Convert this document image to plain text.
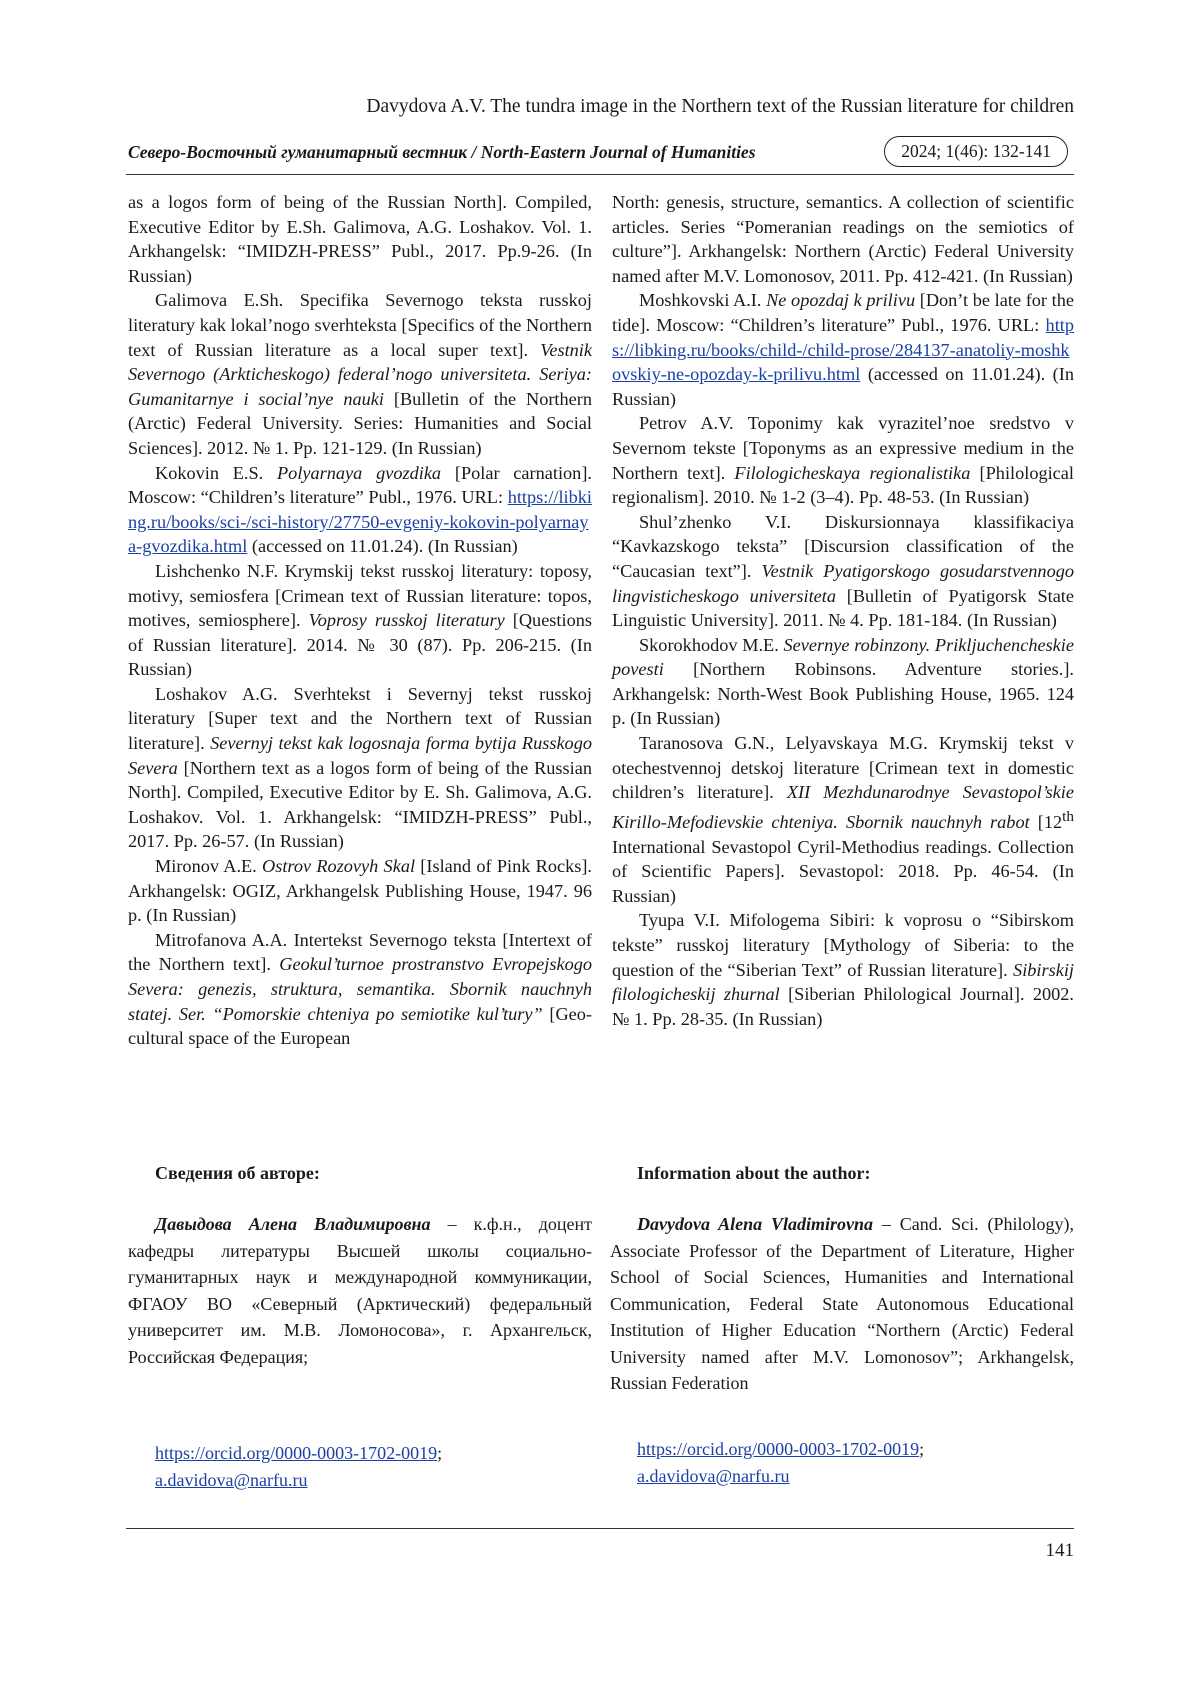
Davydova A.V. The tundra image in the Northern text of the Russian literature for children
Северо-Восточный гуманитарный вестник / North-Eastern Journal of Humanities	2024; 1(46): 132-141

as a logos form of being of the Russian North]. Compiled, Executive Editor by E.Sh. Galimova, A.G. Loshakov. Vol. 1. Arkhangelsk: “IMIDZH-PRESS” Publ., 2017. Pp.9-26. (In Russian)

Galimova E.Sh. Specifika Severnogo teksta russkoj literatury kak lokal’nogo sverhteksta [Specifics of the Northern text of Russian literature as a local super text]. Vestnik Severnogo (Arkticheskogo) federal’nogo universiteta. Seriya: Gumanitarnye i social’nye nauki [Bulletin of the Northern (Arctic) Federal University. Series: Humanities and Social Sciences]. 2012. № 1. Pp. 121-129. (In Russian)

Kokovin E.S. Polyarnaya gvozdika [Polar carnation]. Moscow: “Children’s literature” Publ., 1976. URL: https://libking.ru/books/sci-/sci-history/27750-evgeniy-kokovin-polyarnaya-gvozdika.html (accessed on 11.01.24). (In Russian)

Lishchenko N.F. Krymskij tekst russkoj literatury: toposy, motivy, semiosfera [Crimean text of Russian literature: topos, motives, semiosphere]. Voprosy russkoj literatury [Questions of Russian literature]. 2014. № 30 (87). Pp. 206-215. (In Russian)

Loshakov A.G. Sverhtekst i Severnyj tekst russkoj literatury [Super text and the Northern text of Russian literature]. Severnyj tekst kak logosnaja forma bytija Russkogo Severa [Northern text as a logos form of being of the Russian North]. Compiled, Executive Editor by E. Sh. Galimova, A.G. Loshakov. Vol. 1. Arkhangelsk: “IMIDZH-PRESS” Publ., 2017. Pp. 26-57. (In Russian)

Mironov A.E. Ostrov Rozovyh Skal [Island of Pink Rocks]. Arkhangelsk: OGIZ, Arkhangelsk Publishing House, 1947. 96 p. (In Russian)

Mitrofanova A.A. Intertekst Severnogo teksta [Intertext of the Northern text]. Geokul’turnoe prostranstvo Evropejskogo Severa: genezis, struktura, semantika. Sbornik nauchnyh statej. Ser. “Pomorskie chteniya po semiotike kul’tury” [Geo-cultural space of the European

North: genesis, structure, semantics. A collection of scientific articles. Series “Pomeranian readings on the semiotics of culture”]. Arkhangelsk: Northern (Arctic) Federal University named after M.V. Lomonosov, 2011. Pp. 412-421. (In Russian)

Moshkovski A.I. Ne opozdaj k prilivu [Don’t be late for the tide]. Moscow: “Children’s literature” Publ., 1976. URL: https://libking.ru/books/child-/child-prose/284137-anatoliy-moshkovskiy-ne-opozday-k-prilivu.html (accessed on 11.01.24). (In Russian)

Petrov A.V. Toponimy kak vyrazitel’noe sredstvo v Severnom tekste [Toponyms as an expressive medium in the Northern text]. Filologicheskaya regionalistika [Philological regionalism]. 2010. № 1-2 (3–4). Pp. 48-53. (In Russian)

Shul’zhenko V.I. Diskursionnaya klassifikaciya “Kavkazskogo teksta” [Discursion classification of the “Caucasian text”]. Vestnik Pyatigorskogo gosudarstvennogo lingvisticheskogo universiteta [Bulletin of Pyatigorsk State Linguistic University]. 2011. № 4. Pp. 181-184. (In Russian)

Skorokhodov M.E. Severnye robinzony. Prikljuchencheskie povesti [Northern Robinsons. Adventure stories.]. Arkhangelsk: North-West Book Publishing House, 1965. 124 p. (In Russian)

Taranosova G.N., Lelyavskaya M.G. Krymskij tekst v otechestvennoj detskoj literature [Crimean text in domestic children’s literature]. XII Mezhdunarodnye Sevastopol’skie Kirillo-Mefodievskie chteniya. Sbornik nauchnyh rabot [12th International Sevastopol Cyril-Methodius readings. Collection of Scientific Papers]. Sevastopol: 2018. Pp. 46-54. (In Russian)

Tyupa V.I. Mifologema Sibiri: k voprosu o “Sibirskom tekste” russkoj literatury [Mythology of Siberia: to the question of the “Siberian Text” of Russian literature]. Sibirskij filologicheskij zhurnal [Siberian Philological Journal]. 2002. № 1. Pp. 28-35. (In Russian)

Сведения об авторе:	Information about the author:
Давыдова Алена Владимировна – к.ф.н., доцент кафедры литературы Высшей школы социально-гуманитарных наук и международной коммуникации, ФГАОУ ВО «Северный (Арктический) федеральный университет им. М.В. Ломоносова», г. Архангельск, Российская Федерация;
Davydova Alena Vladimirovna – Cand. Sci. (Philology), Associate Professor of the Department of Literature, Higher School of Social Sciences, Humanities and International Communication, Federal State Autonomous Educational Institution of Higher Education “Northern (Arctic) Federal University named after M.V. Lomonosov”; Arkhangelsk, Russian Federation
https://orcid.org/0000-0003-1702-0019;
a.davidova@narfu.ru
https://orcid.org/0000-0003-1702-0019;
a.davidova@narfu.ru
141
